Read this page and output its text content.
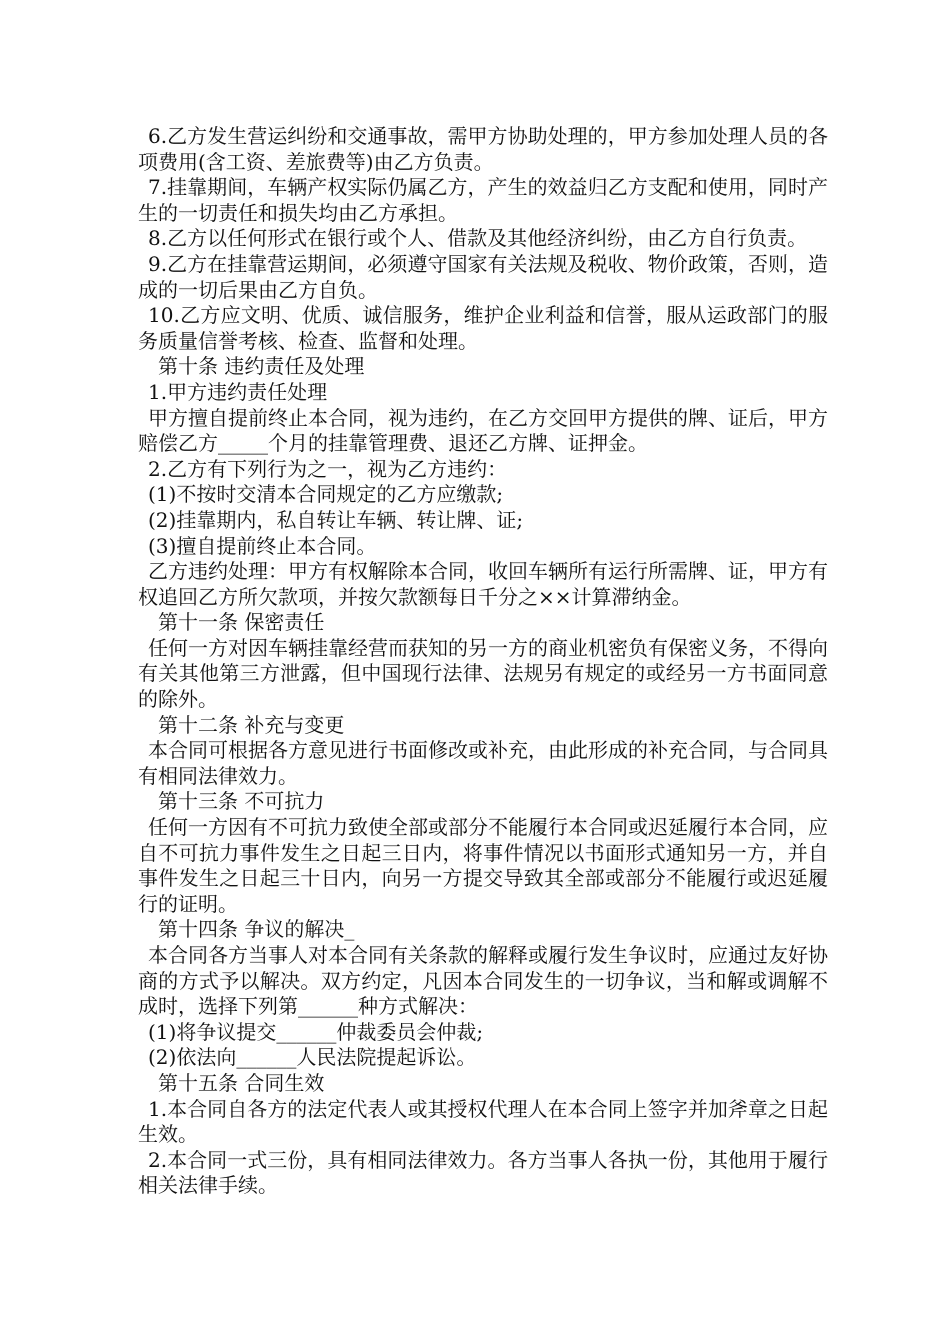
6.乙方发生营运纠纷和交通事故，需甲方协助处理的，甲方参加处理人员的各项费用(含工资、差旅费等)由乙方负责。

7.挂靠期间，车辆产权实际仍属乙方，产生的效益归乙方支配和使用，同时产生的一切责任和损失均由乙方承担。

8.乙方以任何形式在银行或个人、借款及其他经济纠纷，由乙方自行负责。

9.乙方在挂靠营运期间，必须遵守国家有关法规及税收、物价政策，否则，造成的一切后果由乙方自负。

10.乙方应文明、优质、诚信服务，维护企业利益和信誉，服从运政部门的服务质量信誉考核、检查、监督和处理。

第十条 违约责任及处理

1.甲方违约责任处理

甲方擅自提前终止本合同，视为违约，在乙方交回甲方提供的牌、证后，甲方赔偿乙方_____个月的挂靠管理费、退还乙方牌、证押金。

2.乙方有下列行为之一，视为乙方违约：

(1)不按时交清本合同规定的乙方应缴款;

(2)挂靠期内，私自转让车辆、转让牌、证;

(3)擅自提前终止本合同。

乙方违约处理：甲方有权解除本合同，收回车辆所有运行所需牌、证，甲方有权追回乙方所欠款项，并按欠款额每日千分之××计算滞纳金。

第十一条 保密责任

任何一方对因车辆挂靠经营而获知的另一方的商业机密负有保密义务，不得向有关其他第三方泄露，但中国现行法律、法规另有规定的或经另一方书面同意的除外。

第十二条 补充与变更

本合同可根据各方意见进行书面修改或补充，由此形成的补充合同，与合同具有相同法律效力。

第十三条 不可抗力

任何一方因有不可抗力致使全部或部分不能履行本合同或迟延履行本合同，应自不可抗力事件发生之日起三日内，将事件情况以书面形式通知另一方，并自事件发生之日起三十日内，向另一方提交导致其全部或部分不能履行或迟延履行的证明。

第十四条 争议的解决_

本合同各方当事人对本合同有关条款的解释或履行发生争议时，应通过友好协商的方式予以解决。双方约定，凡因本合同发生的一切争议，当和解或调解不成时，选择下列第______种方式解决：

(1)将争议提交______仲裁委员会仲裁;

(2)依法向______人民法院提起诉讼。

第十五条 合同生效

1.本合同自各方的法定代表人或其授权代理人在本合同上签字并加斧章之日起生效。

2.本合同一式三份，具有相同法律效力。各方当事人各执一份，其他用于履行相关法律手续。
